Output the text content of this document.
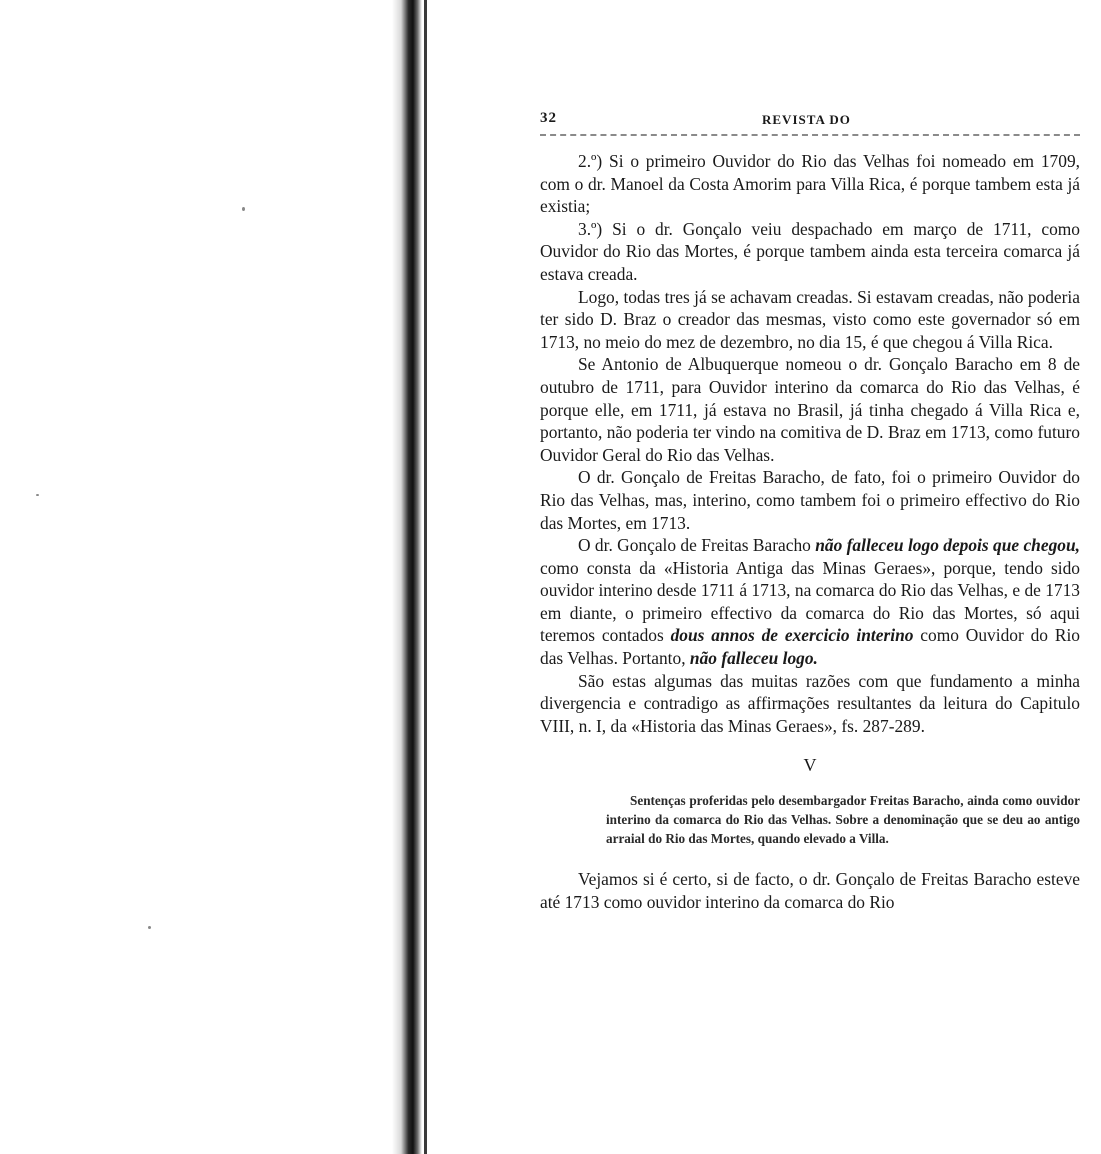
32	REVISTA DO

2.º) Si o primeiro Ouvidor do Rio das Velhas foi nomeado em 1709, com o dr. Manoel da Costa Amorim para Villa Rica, é porque tambem esta já existia;

3.º) Si o dr. Gonçalo veiu despachado em março de 1711, como Ouvidor do Rio das Mortes, é porque tambem ainda esta terceira comarca já estava creada.

Logo, todas tres já se achavam creadas. Si estavam creadas, não poderia ter sido D. Braz o creador das mesmas, visto como este governador só em 1713, no meio do mez de dezembro, no dia 15, é que chegou á Villa Rica.

Se Antonio de Albuquerque nomeou o dr. Gonçalo Baracho em 8 de outubro de 1711, para Ouvidor interino da comarca do Rio das Velhas, é porque elle, em 1711, já estava no Brasil, já tinha chegado á Villa Rica e, portanto, não poderia ter vindo na comitiva de D. Braz em 1713, como futuro Ouvidor Geral do Rio das Velhas.

O dr. Gonçalo de Freitas Baracho, de fato, foi o primeiro Ouvidor do Rio das Velhas, mas, interino, como tambem foi o primeiro effectivo do Rio das Mortes, em 1713.

O dr. Gonçalo de Freitas Baracho não falleceu logo depois que chegou, como consta da «Historia Antiga das Minas Geraes», porque, tendo sido ouvidor interino desde 1711 á 1713, na comarca do Rio das Velhas, e de 1713 em diante, o primeiro effectivo da comarca do Rio das Mortes, só aqui teremos contados dous annos de exercicio interino como Ouvidor do Rio das Velhas. Portanto, não falleceu logo.

São estas algumas das muitas razões com que fundamento a minha divergencia e contradigo as affirmações resultantes da leitura do Capitulo VIII, n. I, da «Historia das Minas Geraes», fs. 287-289.

V

Sentenças proferidas pelo desembargador Freitas Baracho, ainda como ouvidor interino da comarca do Rio das Velhas. Sobre a denominação que se deu ao antigo arraial do Rio das Mortes, quando elevado a Villa.

Vejamos si é certo, si de facto, o dr. Gonçalo de Freitas Baracho esteve até 1713 como ouvidor interino da comarca do Rio
